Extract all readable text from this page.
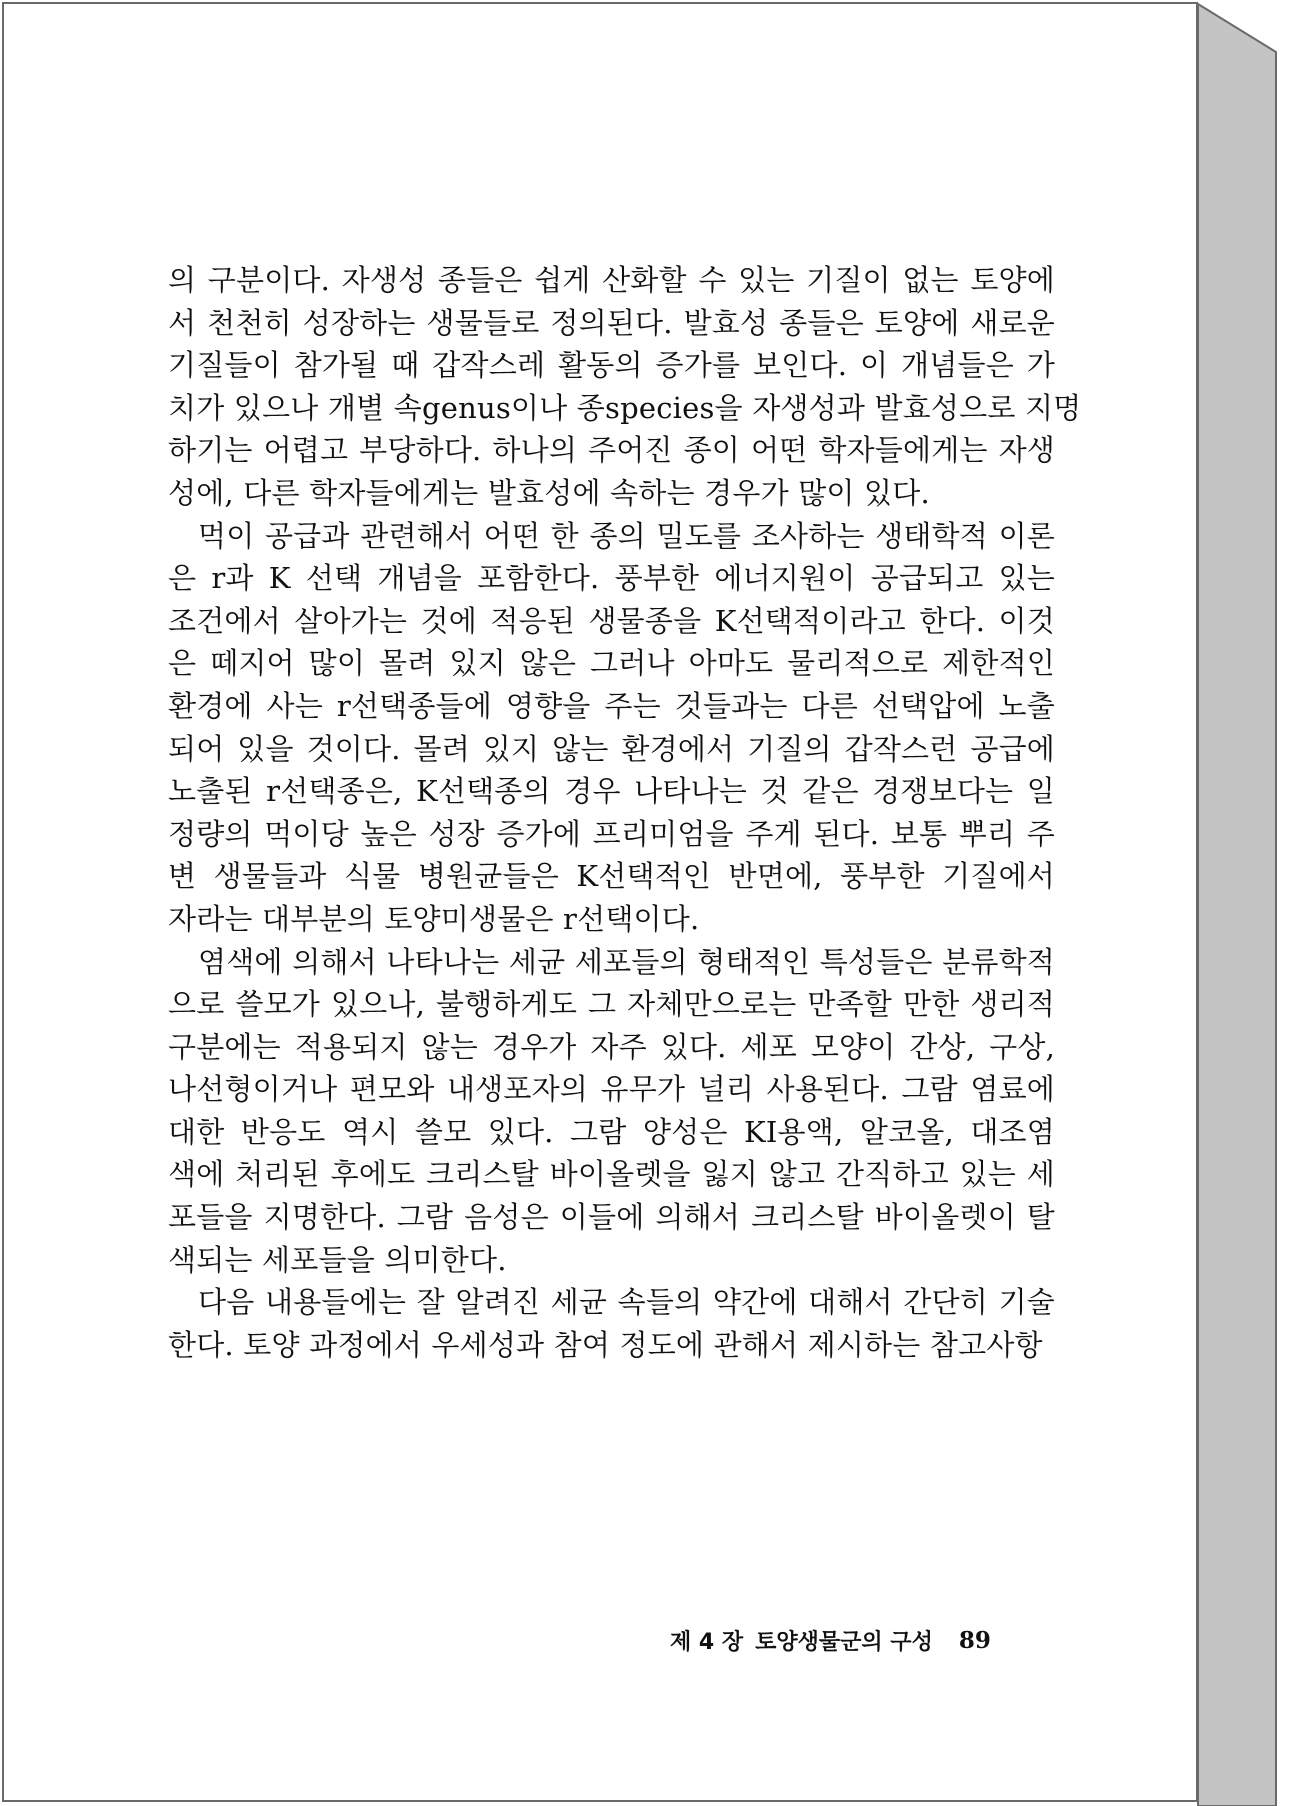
의 구분이다. 자생성 종들은 쉽게 산화할 수 있는 기질이 없는 토양에
서 천천히 성장하는 생물들로 정의된다. 발효성 종들은 토양에 새로운
기질들이 참가될 때 갑작스레 활동의 증가를 보인다. 이 개념들은 가
치가 있으나 개별 속genus이나 종species을 자생성과 발효성으로 지명
하기는 어렵고 부당하다. 하나의 주어진 종이 어떤 학자들에게는 자생
성에, 다른 학자들에게는 발효성에 속하는 경우가 많이 있다.
먹이 공급과 관련해서 어떤 한 종의 밀도를 조사하는 생태학적 이론
은 r과 K 선택 개념을 포함한다. 풍부한 에너지원이 공급되고 있는
조건에서 살아가는 것에 적응된 생물종을 K선택적이라고 한다. 이것
은 떼지어 많이 몰려 있지 않은 그러나 아마도 물리적으로 제한적인
환경에 사는 r선택종들에 영향을 주는 것들과는 다른 선택압에 노출
되어 있을 것이다. 몰려 있지 않는 환경에서 기질의 갑작스런 공급에
노출된 r선택종은, K선택종의 경우 나타나는 것 같은 경쟁보다는 일
정량의 먹이당 높은 성장 증가에 프리미엄을 주게 된다. 보통 뿌리 주
변 생물들과 식물 병원균들은 K선택적인 반면에, 풍부한 기질에서
자라는 대부분의 토양미생물은 r선택이다.
염색에 의해서 나타나는 세균 세포들의 형태적인 특성들은 분류학적
으로 쓸모가 있으나, 불행하게도 그 자체만으로는 만족할 만한 생리적
구분에는 적용되지 않는 경우가 자주 있다. 세포 모양이 간상, 구상,
나선형이거나 편모와 내생포자의 유무가 널리 사용된다. 그람 염료에
대한 반응도 역시 쓸모 있다. 그람 양성은 KI용액, 알코올, 대조염
색에 처리된 후에도 크리스탈 바이올렛을 잃지 않고 간직하고 있는 세
포들을 지명한다. 그람 음성은 이들에 의해서 크리스탈 바이올렛이 탈
색되는 세포들을 의미한다.
다음 내용들에는 잘 알려진 세균 속들의 약간에 대해서 간단히 기술
한다. 토양 과정에서 우세성과 참여 정도에 관해서 제시하는 참고사항
제 4 장 토양생물군의 구성 89
